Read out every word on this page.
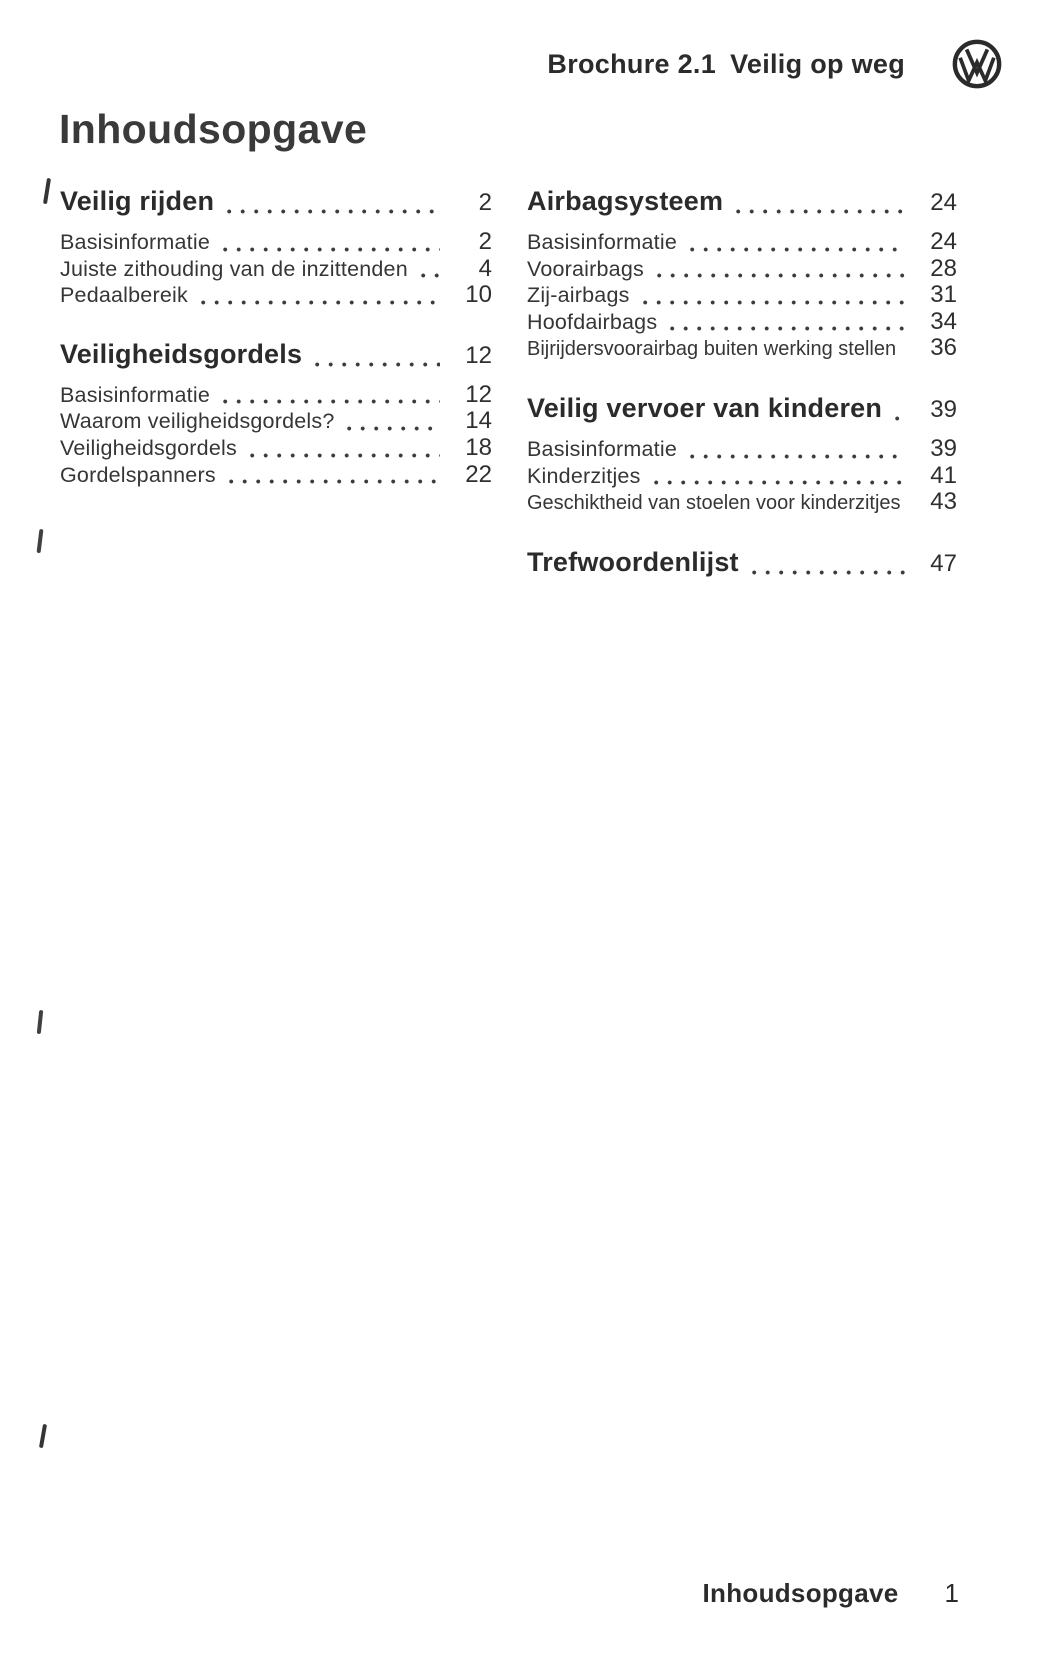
Brochure 2.1 Veilig op weg
Inhoudsopgave
Veilig rijden	2
Basisinformatie	2
Juiste zithouding van de inzittenden	4
Pedaalbereik	10
Veiligheidsgordels	12
Basisinformatie	12
Waarom veiligheidsgordels?	14
Veiligheidsgordels	18
Gordelspanners	22
Airbagsysteem	24
Basisinformatie	24
Voorairbags	28
Zij-airbags	31
Hoofdairbags	34
Bijrijdersvoorairbag buiten werking stellen	36
Veilig vervoer van kinderen	39
Basisinformatie	39
Kinderzitjes	41
Geschiktheid van stoelen voor kinderzitjes	43
Trefwoordenlijst	47
Inhoudsopgave 1
